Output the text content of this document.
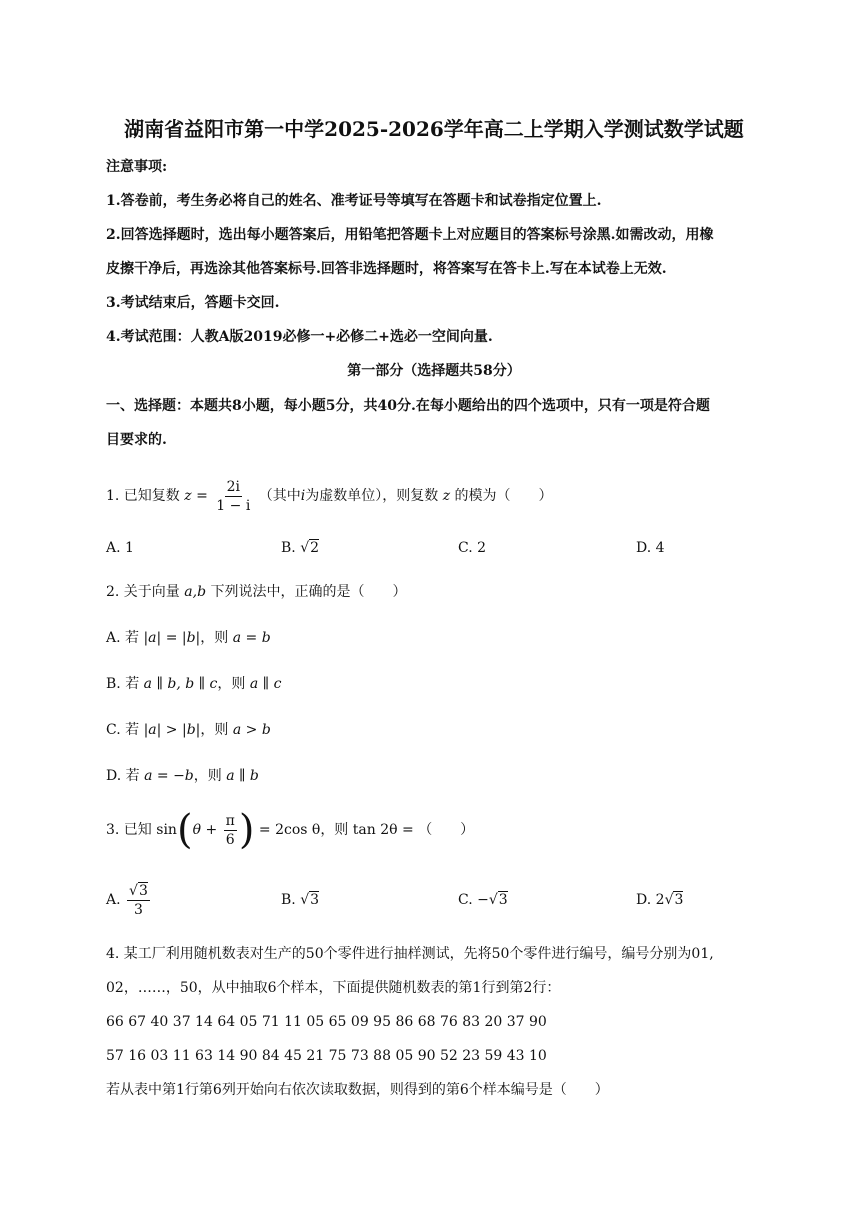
湖南省益阳市第一中学2025-2026学年高二上学期入学测试数学试题
注意事项:
1.答卷前，考生务必将自己的姓名、准考证号等填写在答题卡和试卷指定位置上.
2.回答选择题时，选出每小题答案后，用铅笔把答题卡上对应题目的答案标号涂黑.如需改动，用橡
皮擦干净后，再选涂其他答案标号.回答非选择题时，将答案写在答卡上.写在本试卷上无效.
3.考试结束后，答题卡交回.
4.考试范围：人教A版2019必修一+必修二+选必一空间向量.
第一部分（选择题共58分）
一、选择题：本题共8小题，每小题5分，共40分.在每小题给出的四个选项中，只有一项是符合题
目要求的.
1. 已知复数 $z = \frac{2i}{1 - i}$ （其中i为虚数单位），则复数 z 的模为（　　）
A. 1	B. √2	C. 2	D. 4
2. 关于向量 a,b 下列说法中，正确的是（　　）
A. 若 |a| = |b|，则 a = b
B. 若 a ∥ b, b ∥ c，则 a ∥ c
C. 若 |a| > |b|，则 a > b
D. 若 a = −b，则 a ∥ b
3. 已知 $\sin(\theta + \frac{\pi}{6}$ ) = 2cos θ，则 tan 2θ = （　　）
A. $\frac{√3}{3}$	B. √3	C. −√3	D. 2√3
4. 某工厂利用随机数表对生产的50个零件进行抽样测试，先将50个零件进行编号，编号分别为01,
02，……，50，从中抽取6个样本，下面提供随机数表的第1行到第2行：
66 67 40 37 14 64 05 71 11 05 65 09 95 86 68 76 83 20 37 90
57 16 03 11 63 14 90 84 45 21 75 73 88 05 90 52 23 59 43 10
若从表中第1行第6列开始向右依次读取数据，则得到的第6个样本编号是（　　）
